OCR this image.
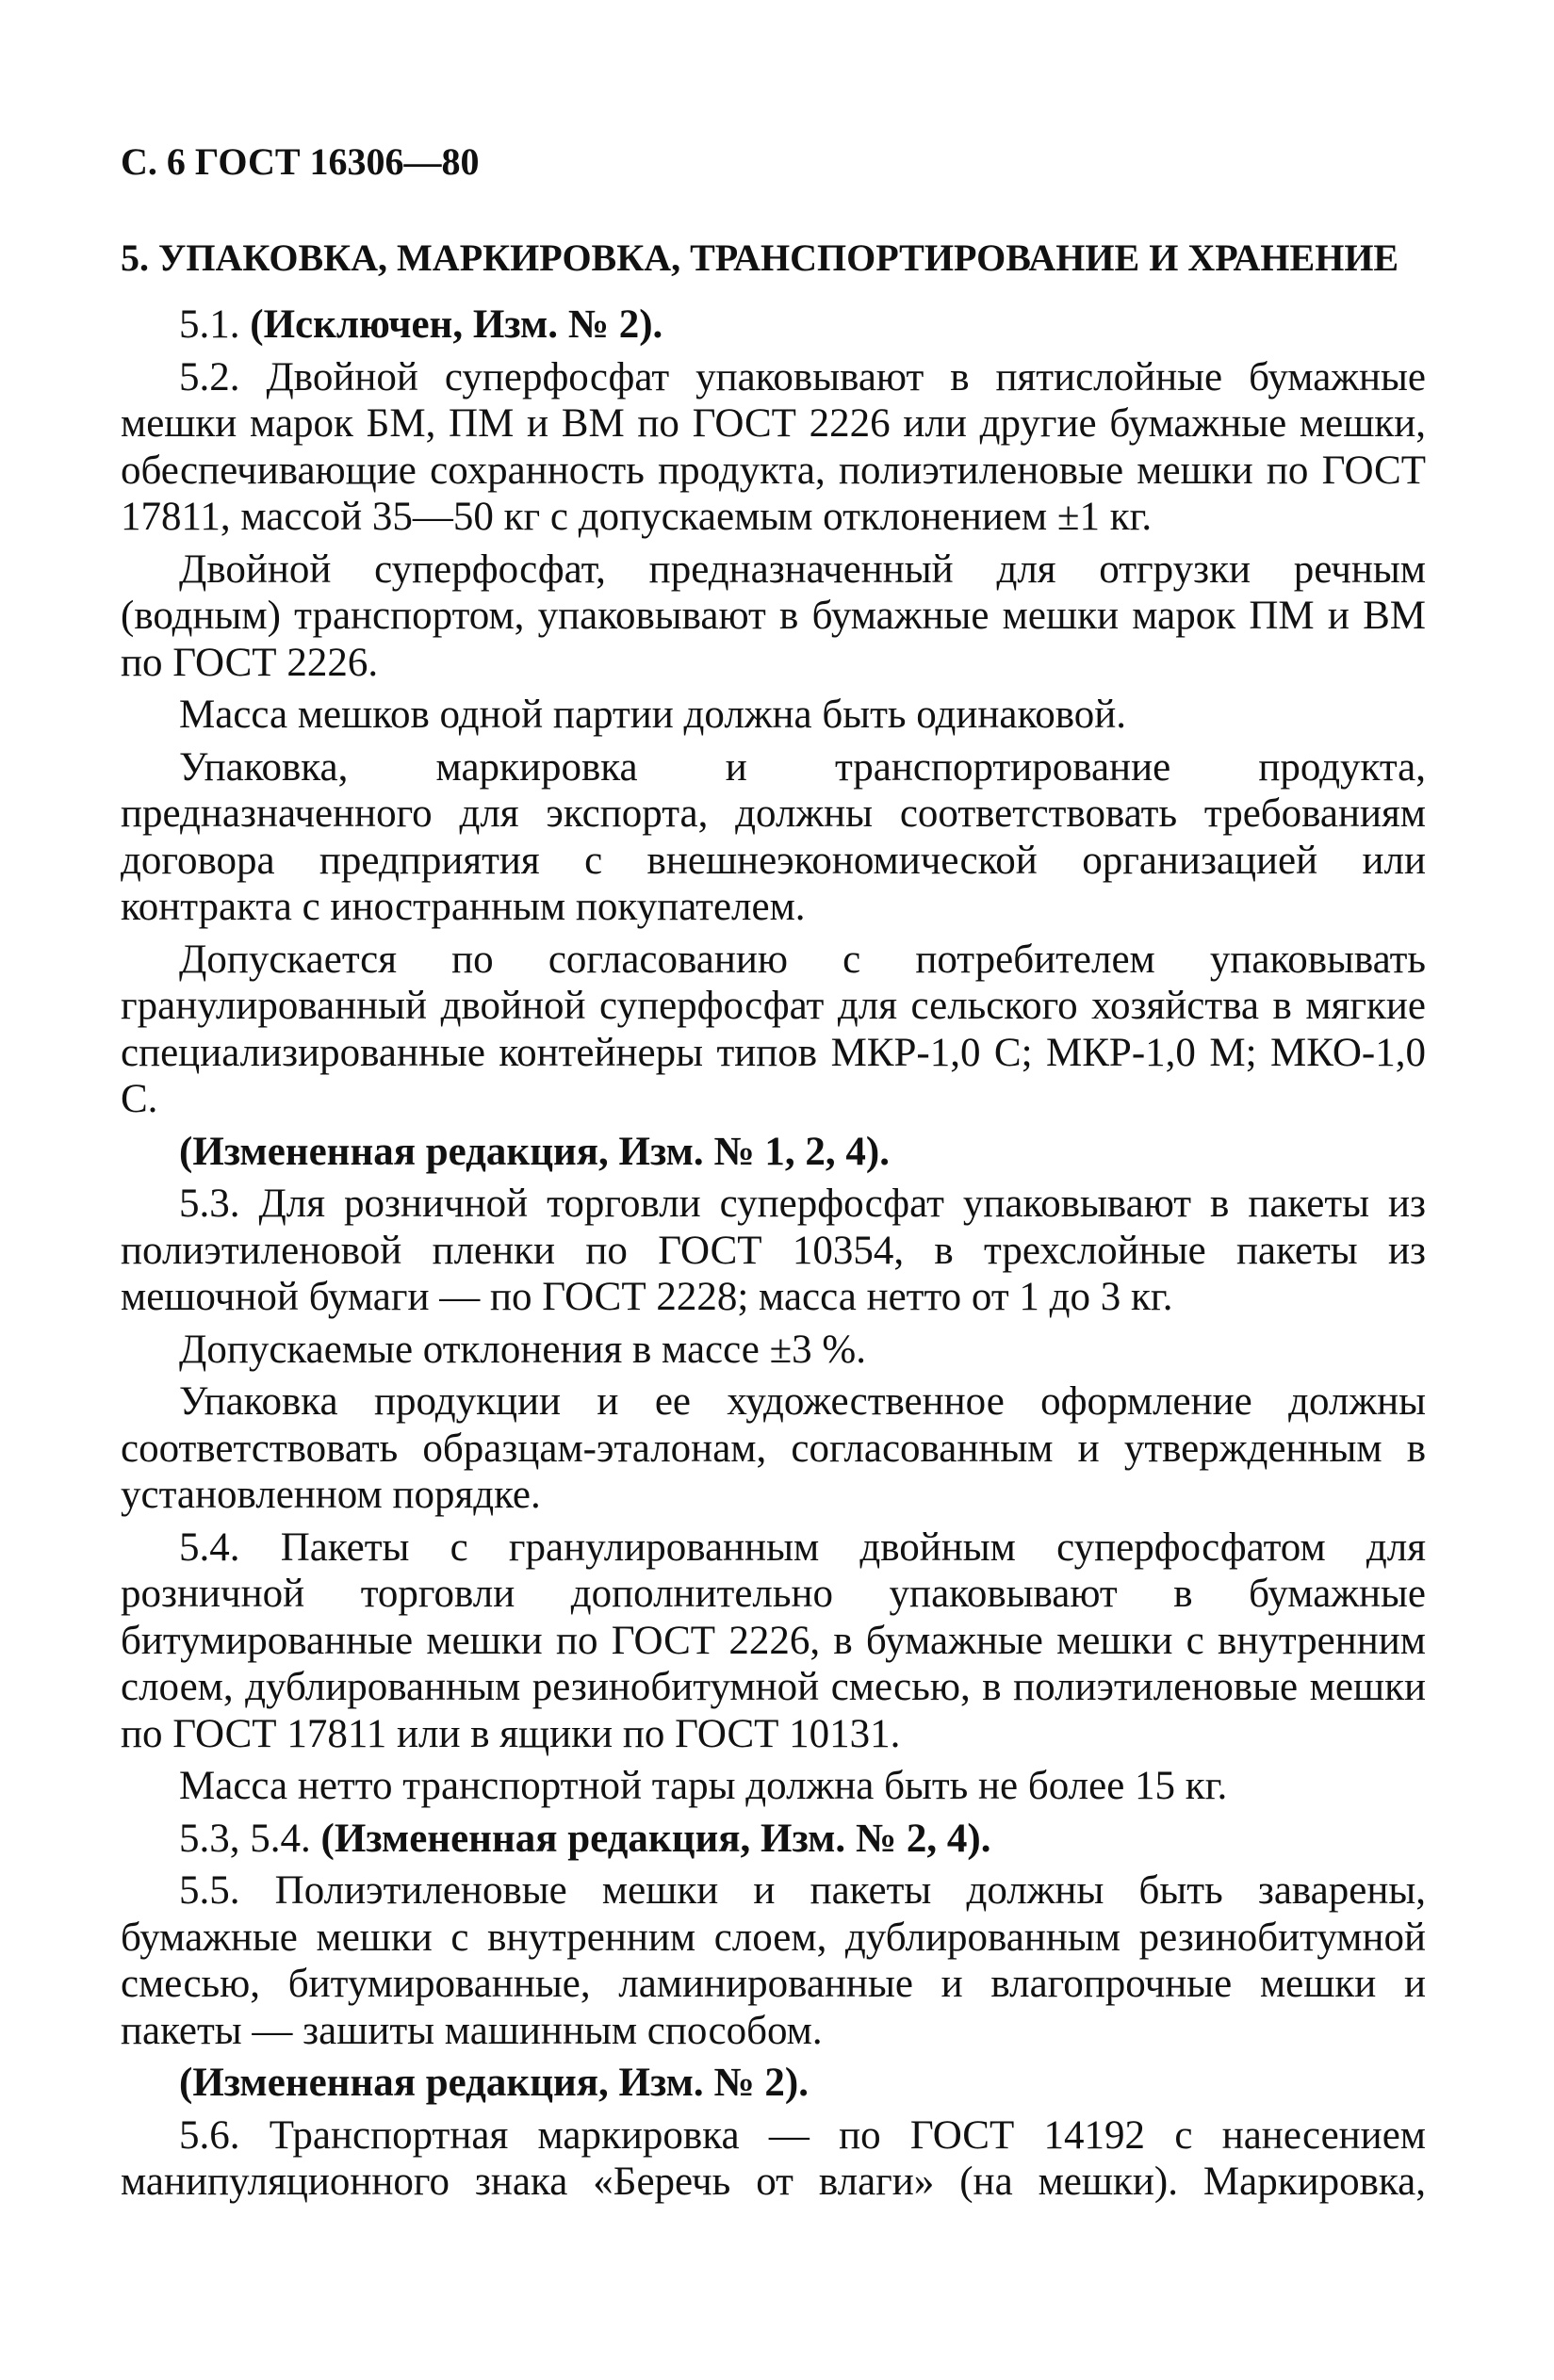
С. 6 ГОСТ 16306—80
5. УПАКОВКА, МАРКИРОВКА, ТРАНСПОРТИРОВАНИЕ И ХРАНЕНИЕ

5.1. (Исключен, Изм. № 2).

5.2. Двойной суперфосфат упаковывают в пятислойные бумажные мешки марок БМ, ПМ и ВМ по ГОСТ 2226 или другие бумажные мешки, обеспечивающие сохранность продукта, полиэтиленовые мешки по ГОСТ 17811, массой 35—50 кг с допускаемым отклонением ±1 кг.

Двойной суперфосфат, предназначенный для отгрузки речным (водным) транспортом, упаковывают в бумажные мешки марок ПМ и ВМ по ГОСТ 2226.

Масса мешков одной партии должна быть одинаковой.

Упаковка, маркировка и транспортирование продукта, предназначенного для экспорта, должны соответствовать требованиям договора предприятия с внешнеэкономической организацией или контракта с иностранным покупателем.

Допускается по согласованию с потребителем упаковывать гранулированный двойной суперфосфат для сельского хозяйства в мягкие специализированные контейнеры типов МКР-1,0 С; МКР-1,0 М; МКО-1,0 С.

(Измененная редакция, Изм. № 1, 2, 4).

5.3. Для розничной торговли суперфосфат упаковывают в пакеты из полиэтиленовой пленки по ГОСТ 10354, в трехслойные пакеты из мешочной бумаги — по ГОСТ 2228; масса нетто от 1 до 3 кг.

Допускаемые отклонения в массе ±3 %.

Упаковка продукции и ее художественное оформление должны соответствовать образцам-эталонам, согласованным и утвержденным в установленном порядке.

5.4. Пакеты с гранулированным двойным суперфосфатом для розничной торговли дополнительно упаковывают в бумажные битумированные мешки по ГОСТ 2226, в бумажные мешки с внутренним слоем, дублированным резинобитумной смесью, в полиэтиленовые мешки по ГОСТ 17811 или в ящики по ГОСТ 10131.

Масса нетто транспортной тары должна быть не более 15 кг.

5.3, 5.4. (Измененная редакция, Изм. № 2, 4).

5.5. Полиэтиленовые мешки и пакеты должны быть заварены, бумажные мешки с внутренним слоем, дублированным резинобитумной смесью, битумированные, ламинированные и влагопрочные мешки и пакеты — зашиты машинным способом.

(Измененная редакция, Изм. № 2).

5.6. Транспортная маркировка — по ГОСТ 14192 с нанесением манипуляционного знака «Беречь от влаги» (на мешки). Маркировка,
